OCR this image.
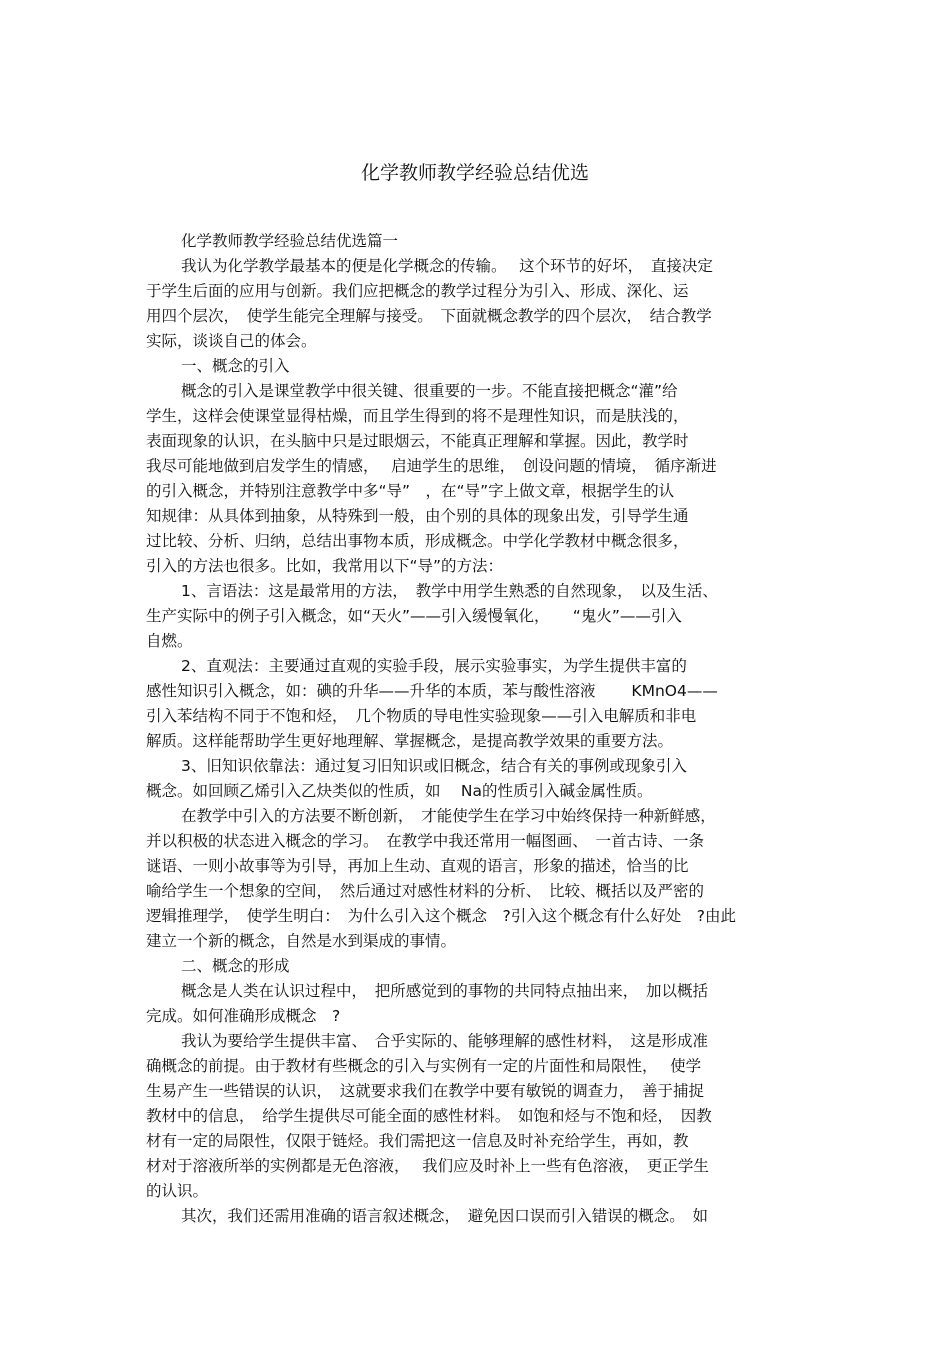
化学教师教学经验总结优选
化学教师教学经验总结优选篇一
我认为化学教学最基本的便是化学概念的传输。　 这个环节的好坏，　直接决定
于学生后面的应用与创新。我们应把概念的教学过程分为引入、形成、深化、运
用四个层次，　使学生能完全理解与接受。　下面就概念教学的四个层次，　结合教学
实际，谈谈自己的体会。
一、概念的引入
概念的引入是课堂教学中很关键、很重要的一步。不能直接把概念“灌”给
学生，这样会使课堂显得枯燥，而且学生得到的将不是理性知识，而是肤浅的，
表面现象的认识，在头脑中只是过眼烟云，不能真正理解和掌握。因此，教学时
我尽可能地做到启发学生的情感，　 启迪学生的思维，　创设问题的情境，　循序渐进
的引入概念，并特别注意教学中多“导”　，在“导”字上做文章，根据学生的认
知规律：从具体到抽象，从特殊到一般，由个别的具体的现象出发，引导学生通
过比较、分析、归纳，总结出事物本质，形成概念。中学化学教材中概念很多，
引入的方法也很多。比如，我常用以下“导”的方法：
1、言语法：这是最常用的方法，　教学中用学生熟悉的自然现象，　以及生活、
生产实际中的例子引入概念，如“天火”——引入缓慢氧化，　　“鬼火”——引入
自燃。
2、直观法：主要通过直观的实验手段，展示实验事实，为学生提供丰富的
感性知识引入概念，如：碘的升华——升华的本质，苯与酸性溶液　　 KMnO4——
引入苯结构不同于不饱和烃，　几个物质的导电性实验现象——引入电解质和非电
解质。这样能帮助学生更好地理解、掌握概念，是提高教学效果的重要方法。
3、旧知识依靠法：通过复习旧知识或旧概念，结合有关的事例或现象引入
概念。如回顾乙烯引入乙炔类似的性质，如　 Na的性质引入碱金属性质。
在教学中引入的方法要不断创新，　才能使学生在学习中始终保持一种新鲜感，
并以积极的状态进入概念的学习。　在教学中我还常用一幅图画、　一首古诗、一条
谜语、一则小故事等为引导，再加上生动、直观的语言，形象的描述，恰当的比
喻给学生一个想象的空间，　然后通过对感性材料的分析、　比较、概括以及严密的
逻辑推理学，　使学生明白：　为什么引入这个概念　?引入这个概念有什么好处　?由此
建立一个新的概念，自然是水到渠成的事情。
二、概念的形成
概念是人类在认识过程中，　把所感觉到的事物的共同特点抽出来，　加以概括
完成。如何准确形成概念　?
我认为要给学生提供丰富、　合乎实际的、能够理解的感性材料，　这是形成准
确概念的前提。由于教材有些概念的引入与实例有一定的片面性和局限性，　 使学
生易产生一些错误的认识，　这就要求我们在教学中要有敏锐的调查力，　善于捕捉
教材中的信息，　给学生提供尽可能全面的感性材料。　如饱和烃与不饱和烃，　因教
材有一定的局限性，仅限于链烃。我们需把这一信息及时补充给学生，再如，教
材对于溶液所举的实例都是无色溶液，　 我们应及时补上一些有色溶液，　更正学生
的认识。
其次，我们还需用准确的语言叙述概念，　避免因口误而引入错误的概念。　如
